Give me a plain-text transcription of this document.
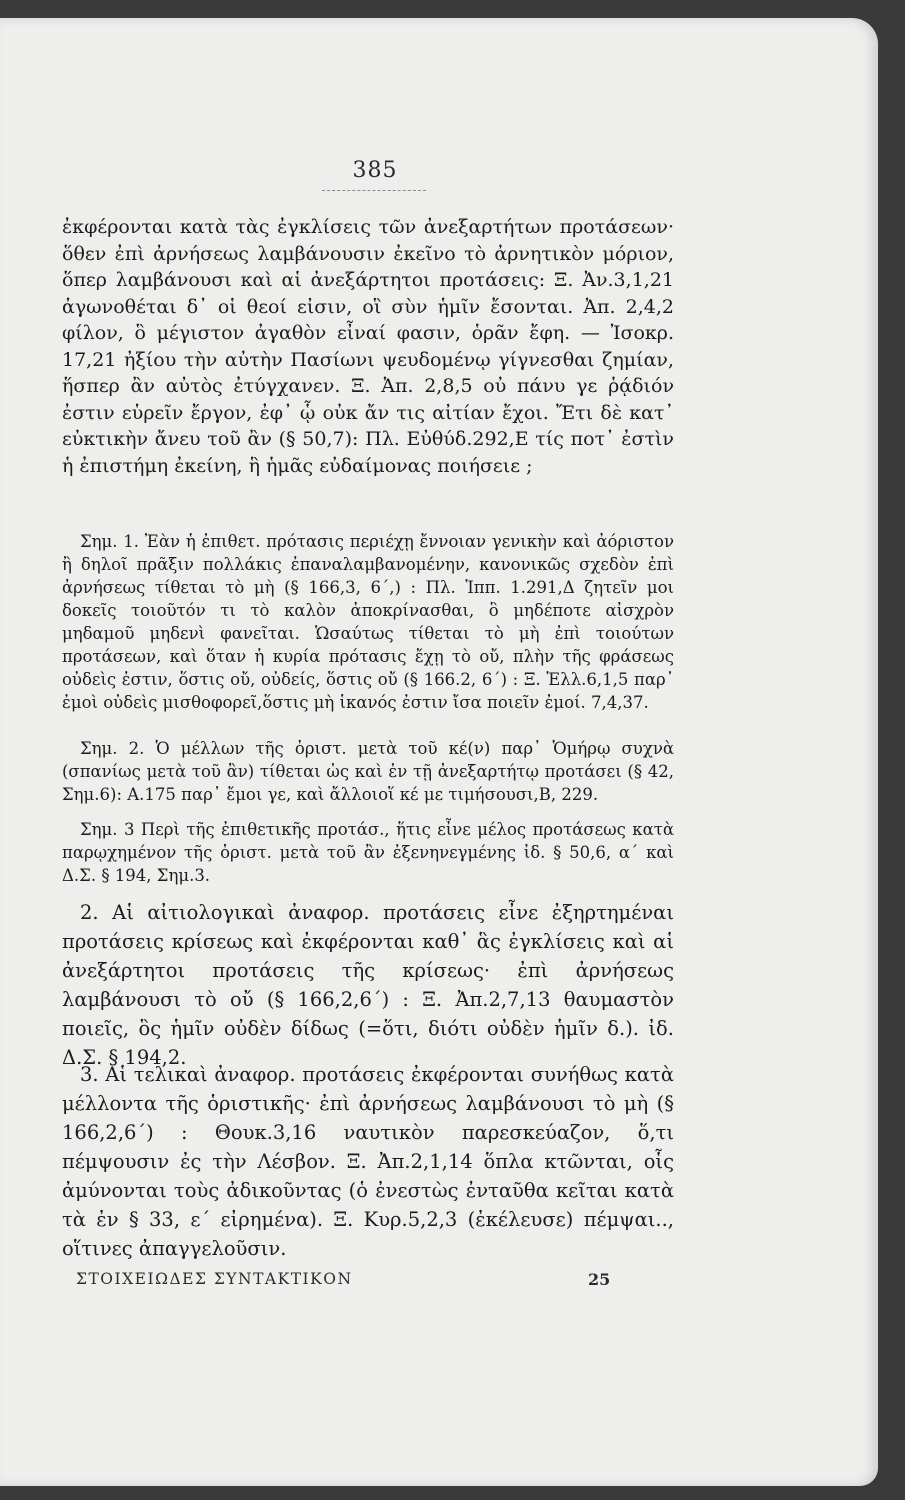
385
ἐκφέρονται κατὰ τὰς ἐγκλίσεις τῶν ἀνεξαρτήτων προτάσεων· ὅθεν ἐπὶ ἀρνήσεως λαμβάνουσιν ἐκεῖνο τὸ ἀρνητικὸν μόριον, ὅπερ λαμβάνουσι καὶ αἱ ἀνεξάρτητοι προτάσεις: Ξ. Ἀν.3,1,21 ἀγωνοθέται δ᾽ οἱ θεοί εἰσιν, οἳ σὺν ἡμῖν ἔσονται. Ἀπ. 2,4,2 φίλον, ὃ μέγιστον ἀγαθὸν εἶναί φασιν, ὁρᾶν ἔφη. — Ἰσοκρ. 17,21 ἠξίου τὴν αὐτὴν Πασίωνι ψευδομένῳ γίγνεσθαι ζημίαν, ἥσπερ ἂν αὐτὸς ἐτύγχανεν. Ξ. Ἀπ. 2,8,5 οὐ πάνυ γε ῥᾴδιόν ἐστιν εὑρεῖν ἔργον, ἐφ᾽ ᾧ οὐκ ἄν τις αἰτίαν ἔχοι. Ἔτι δὲ κατ᾽ εὐκτικὴν ἄνευ τοῦ ἂν (§ 50,7): Πλ. Εὐθύδ.292,Ε τίς ποτ᾽ ἐστὶν ἡ ἐπιστήμη ἐκείνη, ἣ ἡμᾶς εὐδαίμονας ποιήσειε ;
Σημ. 1. Ἐὰν ἡ ἐπιθετ. πρότασις περιέχῃ ἔννοιαν γενικὴν καὶ ἀόριστον ἢ δηλοῖ πρᾶξιν πολλάκις ἐπαναλαμβανομένην, κανονικῶς σχεδὸν ἐπὶ ἀρνήσεως τίθεται τὸ μὴ (§ 166,3, 6΄,) : Πλ. Ἱππ. 1.291,Δ ζητεῖν μοι δοκεῖς τοιοῦτόν τι τὸ καλὸν ἀποκρίνασθαι, ὃ μηδέποτε αἰσχρὸν μηδαμοῦ μηδενὶ φανεῖται. Ὡσαύτως τίθεται τὸ μὴ ἐπὶ τοιούτων προτάσεων, καὶ ὅταν ἡ κυρία πρότασις ἔχῃ τὸ οὔ, πλὴν τῆς φράσεως οὐδεὶς ἐστιν, ὅστις οὔ, οὐδείς, ὅστις οὔ (§ 166.2, 6΄) : Ξ. Ἑλλ.6,1,5 παρ᾽ ἐμοὶ οὐδεὶς μισθοφορεῖ,ὅστις μὴ ἱκανός ἐστιν ἴσα ποιεῖν ἐμοί. 7,4,37.
Σημ. 2. Ὁ μέλλων τῆς ὁριστ. μετὰ τοῦ κέ(ν) παρ᾽ Ὁμήρῳ συχνὰ (σπανίως μετὰ τοῦ ἂν) τίθεται ὡς καὶ ἐν τῇ ἀνεξαρτήτῳ προτάσει (§ 42, Σημ.6): Α.175 παρ᾽ ἔμοι γε, καὶ ἄλλοιοἵ κέ με τιμήσουσι,Β, 229.
Σημ. 3 Περὶ τῆς ἐπιθετικῆς προτάσ., ἥτις εἶνε μέλος προτάσεως κατὰ παρῳχημένον τῆς ὁριστ. μετὰ τοῦ ἂν ἐξενηνεγμένης ἰδ. § 50,6, α΄ καὶ Δ.Σ. § 194, Σημ.3.
2. Αἱ αἰτιολογικαὶ ἀναφορ. προτάσεις εἶνε ἐξηρτημέναι προτάσεις κρίσεως καὶ ἐκφέρονται καθ᾽ ἃς ἐγκλίσεις καὶ αἱ ἀνεξάρτητοι προτάσεις τῆς κρίσεως· ἐπὶ ἀρνήσεως λαμβάνουσι τὸ οὔ (§ 166,2,6΄) : Ξ. Ἀπ.2,7,13 θαυμαστὸν ποιεῖς, ὃς ἡμῖν οὐδὲν δίδως (=ὅτι, διότι οὐδὲν ἡμῖν δ.). ἰδ. Δ.Σ. § 194,2.
3. Αἱ τελικαὶ ἀναφορ. προτάσεις ἐκφέρονται συνήθως κατὰ μέλλοντα τῆς ὁριστικῆς· ἐπὶ ἀρνήσεως λαμβάνουσι τὸ μὴ (§ 166,2,6΄) : Θουκ.3,16 ναυτικὸν παρεσκεύαζον, ὅ,τι πέμψουσιν ἐς τὴν Λέσβον. Ξ. Ἀπ.2,1,14 ὅπλα κτῶνται, οἷς ἀμύνονται τοὺς ἀδικοῦντας (ὁ ἐνεστὼς ἐνταῦθα κεῖται κατὰ τὰ ἐν § 33, ε΄ εἰρημένα). Ξ. Κυρ.5,2,3 (ἐκέλευσε) πέμψαι.., οἵτινες ἀπαγγελοῦσιν.
ΣΤΟΙΧΕΙΩΔΕΣ ΣΥΝΤΑΚΤΙΚΟΝ	25
